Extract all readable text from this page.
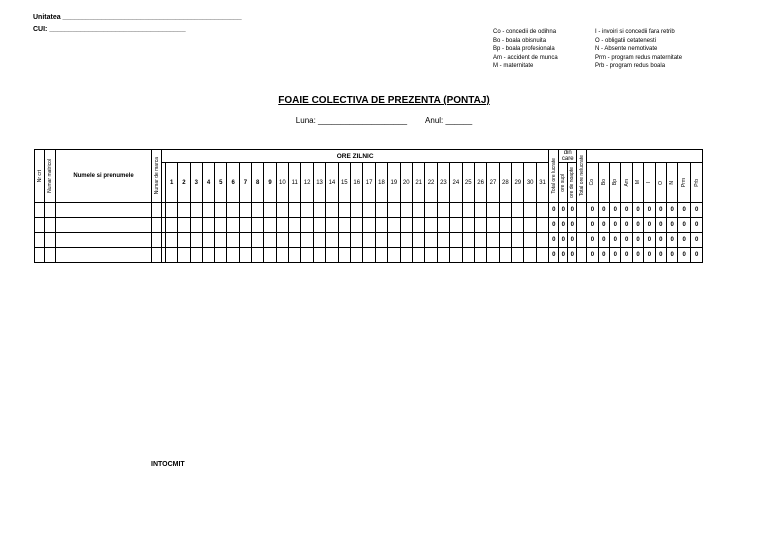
Unitatea ______________________________________________
CUI: ___________________________________	Co - concedii de odihna
Bo - boala obisnuita
Bp - boala profesionala
Am - accident de munca
M - maternitate
I - invoiri si concedii fara retrib
O - obligatii cetatenesti
N - Absente nemotivate
Prm - program redus maternitate
Prb - program redus boala
FOAIE COLECTIVA DE PREZENTA (PONTAJ)
Luna: ____________________ Anul: ______
Nr crt	Numar matricol	Numele si prenumele	Numar de marca	ORE ZILNIC																																Total ore lucrate	din care		Total ore nelucrate										

					1	2	3	4	5	6	7	8	9	10	11	12	13	14	15	16	17	18	19	20	21	22	23	24	25	26	27	28	29	30	31		ore supl	ore de noapte		Co	Bo	Bp	Am	M	I	O	N	Prm	Prb

																																				0	0	0		0	0	0	0	0	0	0	0	0	0
																																				0	0	0		0	0	0	0	0	0	0	0	0	0
																																				0	0	0		0	0	0	0	0	0	0	0	0	0
																																				0	0	0		0	0	0	0	0	0	0	0	0	0
INTOCMIT
